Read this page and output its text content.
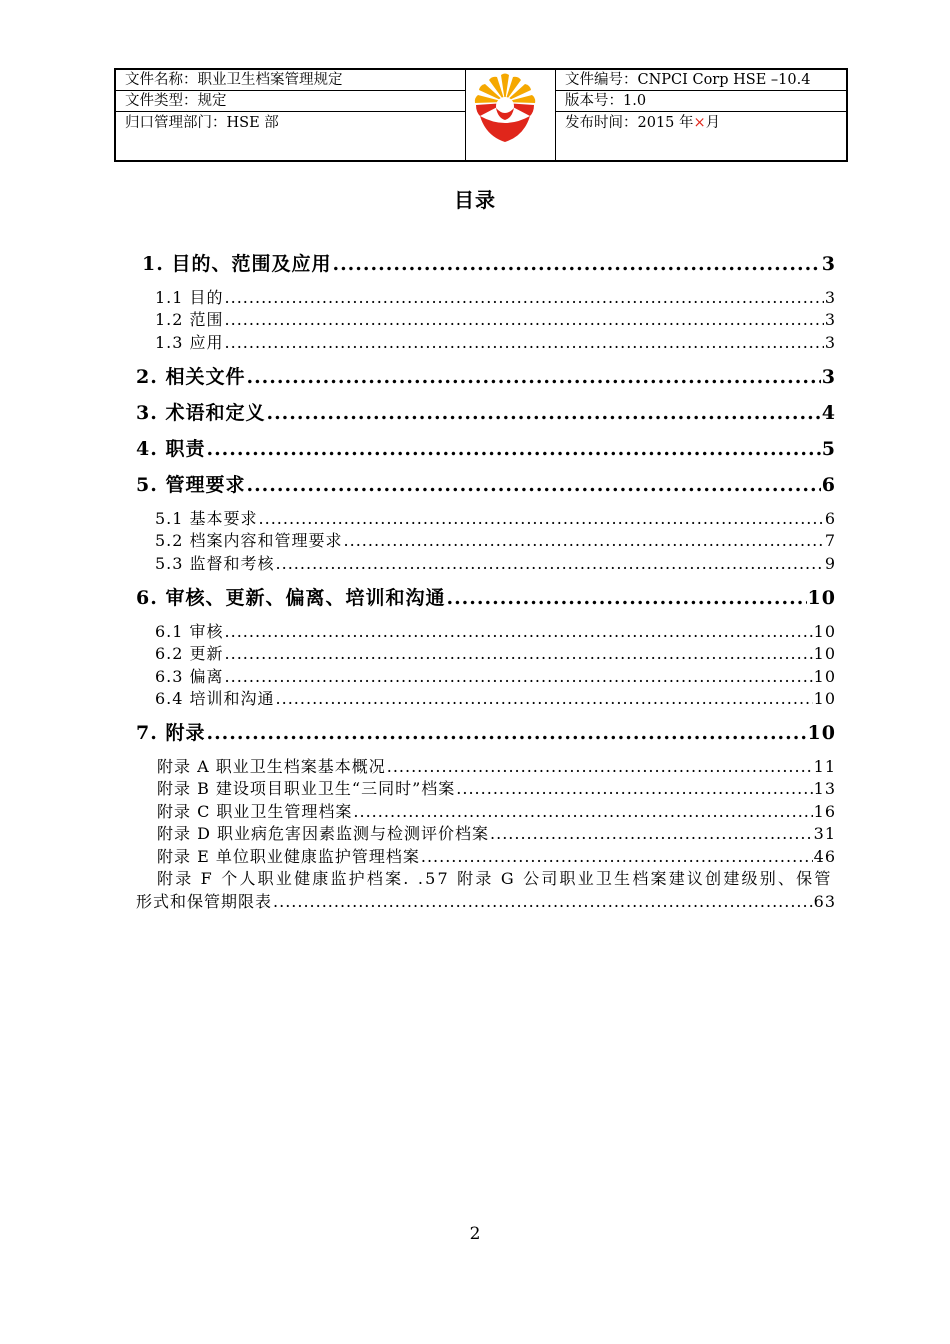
文件名称：职业卫生档案管理规定
文件类型：规定
归口管理部门：HSE 部
文件编号：CNPCI Corp HSE –10.4
版本号：1.0
发布时间：2015 年×月
目录
1. 目的、范围及应用 .....	3
1.1 目的 .....	3
1.2 范围 .....	3
1.3 应用 .....	3
2. 相关文件 .....	3
3. 术语和定义 .....	4
4. 职责 .....	5
5. 管理要求 .....	6
5.1 基本要求 .....	6
5.2 档案内容和管理要求 .....	7
5.3 监督和考核 .....	9
6. 审核、更新、偏离、培训和沟通 .....	10
6.1 审核 .....	10
6.2 更新 .....	10
6.3 偏离 .....	10
6.4 培训和沟通 .....	10
7. 附录 .....	10
附录 A 职业卫生档案基本概况 .....	11
附录 B 建设项目职业卫生“三同时”档案 .....	13
附录 C 职业卫生管理档案 .....	16
附录 D 职业病危害因素监测与检测评价档案 .....	31
附录 E 单位职业健康监护管理档案 .....	46
附录 F 个人职业健康监护档案. .57 附录 G 公司职业卫生档案建议创建级别、保管
形式和保管期限表 .....	63
2
